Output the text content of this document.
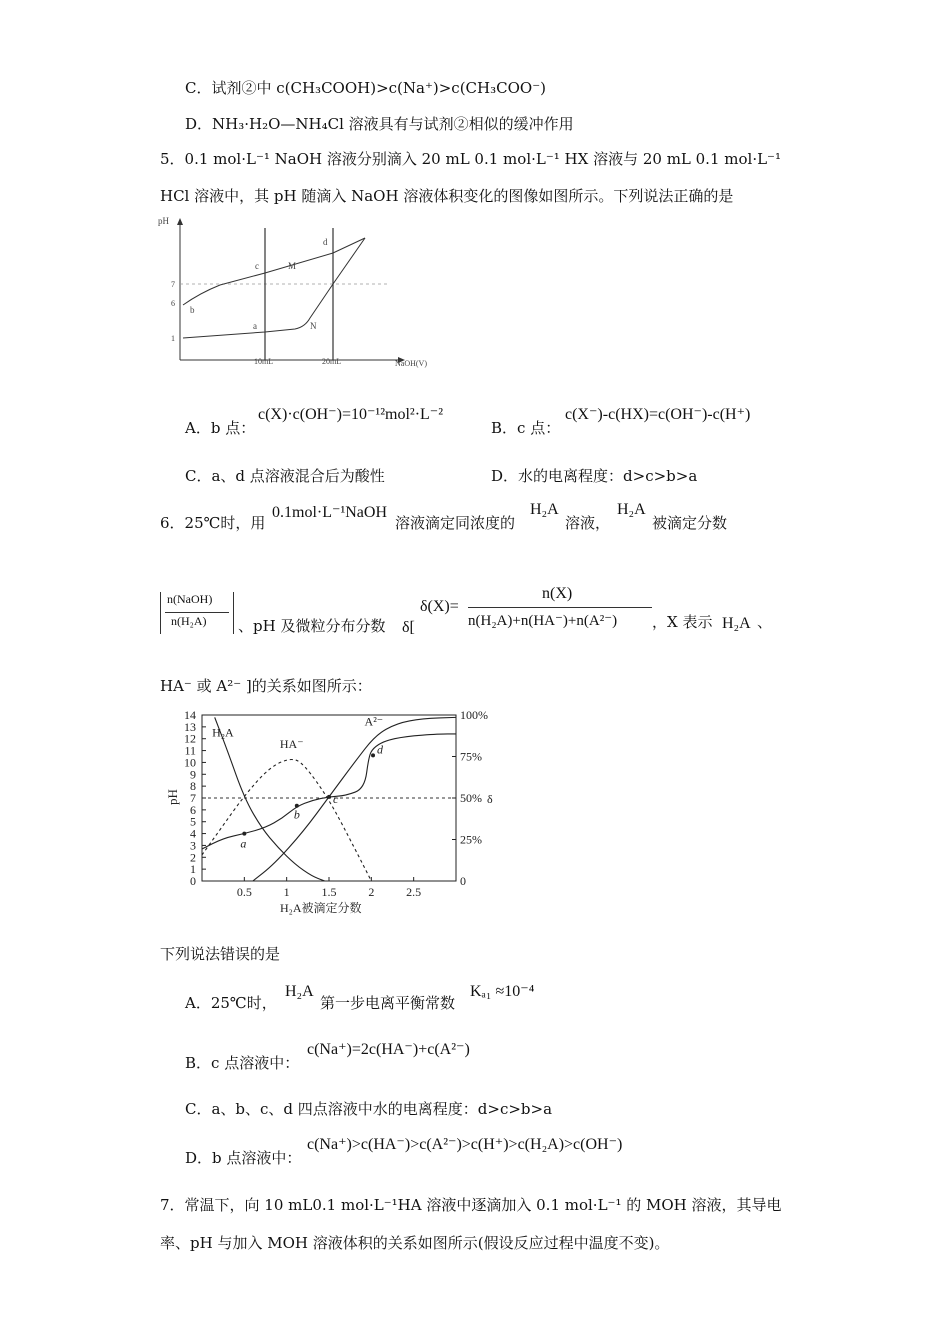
C．试剂②中 c(CH₃COOH)>c(Na⁺)>c(CH₃COO⁻)
D．NH₃·H₂O—NH₄Cl 溶液具有与试剂②相似的缓冲作用
5．0.1 mol·L⁻¹ NaOH 溶液分别滴入 20 mL 0.1 mol·L⁻¹ HX 溶液与 20 mL 0.1 mol·L⁻¹
HCl 溶液中，其 pH 随滴入 NaOH 溶液体积变化的图像如图所示。下列说法正确的是
pH
7
6
1
10mL	20mL	NaOH(V)
d
c	M
b
a	N
A．b 点：
c(X)·c(OH⁻)=10⁻¹²mol²·L⁻²
B．c 点：
c(X⁻)-c(HX)=c(OH⁻)-c(H⁺)
C．a、d 点溶液混合后为酸性	D．水的电离程度：d>c>b>a
6．25℃时，用
0.1mol·L⁻¹NaOH
溶液滴定同浓度的
H₂A
溶液，
H₂A
被滴定分数
n(NaOH)
n(H₂A) 、pH 及微粒分布分数 δ[
δ(X)=
n(X)
n(H₂A)+n(HA⁻)+n(A²⁻) ，X 表示 H₂A 、
HA⁻ 或 A²⁻ ]的关系如图所示：
0
1
2
3
4
5
6
7
8
9
10
11
12
13
14
0.5	1	1.5	2	2.5
0
25%
50%
75%
100%
H₂A
HA⁻
A²⁻
a
b
c
d
H₂A被滴定分数
pH	δ
下列说法错误的是
A．25℃时，
H₂A
第一步电离平衡常数
Kₐ₁ ≈10⁻⁴
B．c 点溶液中：
c(Na⁺)=2c(HA⁻)+c(A²⁻)
C．a、b、c、d 四点溶液中水的电离程度：d>c>b>a
D．b 点溶液中：
c(Na⁺)>c(HA⁻)>c(A²⁻)>c(H⁺)>c(H₂A)>c(OH⁻)
7．常温下，向 10 mL0.1 mol·L⁻¹HA 溶液中逐滴加入 0.1 mol·L⁻¹ 的 MOH 溶液，其导电
率、pH 与加入 MOH 溶液体积的关系如图所示(假设反应过程中温度不变)。
